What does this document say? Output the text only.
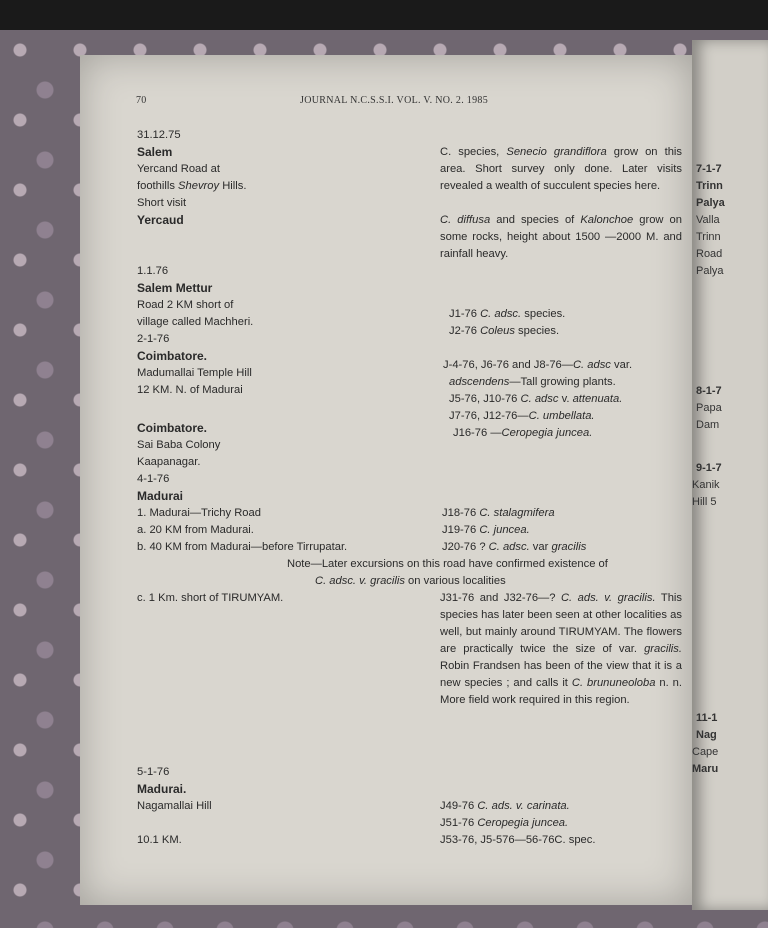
7-1-7
Trinn
Palya
Valla
Trinn
Road
Palya
8-1-7
Papa
Dam
9-1-7
Kanik
Hill 5
11-1
Nag
Cape
Maru
70	JOURNAL N.C.S.S.I. VOL. V. NO. 2. 1985
31.12.75
Salem
Yercand Road at
foothills Shevroy Hills.
Short visit
Yercaud
1.1.76
Salem Mettur
Road 2 KM short of
village called Machheri.
2-1-76
Coimbatore.
Madumallai Temple Hill
12 KM. N. of Madurai
Coimbatore.
Sai Baba Colony
Kaapanagar.
4-1-76
Madurai
1. Madurai—Trichy Road
a. 20 KM from Madurai.
b. 40 KM from Madurai—before Tirrupatar.
c. 1 Km. short of TIRUMYAM.
5-1-76
Madurai.
Nagamallai Hill
10.1 KM.
C. species, Senecio grandiflora grow on this area. Short survey only done. Later visits revealed a wealth of succulent species here.
C. diffusa and species of Kalonchoe grow on some rocks, height about 1500 —2000 M. and rainfall heavy.
J1-76 C. adsc. species.
J2-76 Coleus species.
J-4-76, J6-76 and J8-76—C. adsc var.
adscendens—Tall growing plants.
J5-76, J10-76 C. adsc v. attenuata.
J7-76, J12-76—C. umbellata.
J16-76 —Ceropegia juncea.
J18-76 C. stalagmifera
J19-76 C. juncea.
J20-76 ? C. adsc. var gracilis
Note—Later excursions on this road have confirmed existence of
C. adsc. v. gracilis on various localities
J31-76 and J32-76—? C. ads. v. gracilis. This species has later been seen at other localities as well, but mainly around TIRUMYAM. The flowers are practically twice the size of var. gracilis. Robin Frandsen has been of the view that it is a new species ; and calls it C. brununeoloba n. n. More field work required in this region.
J49-76 C. ads. v. carinata.
J51-76 Ceropegia juncea.
J53-76, J5-576—56-76C. spec.
